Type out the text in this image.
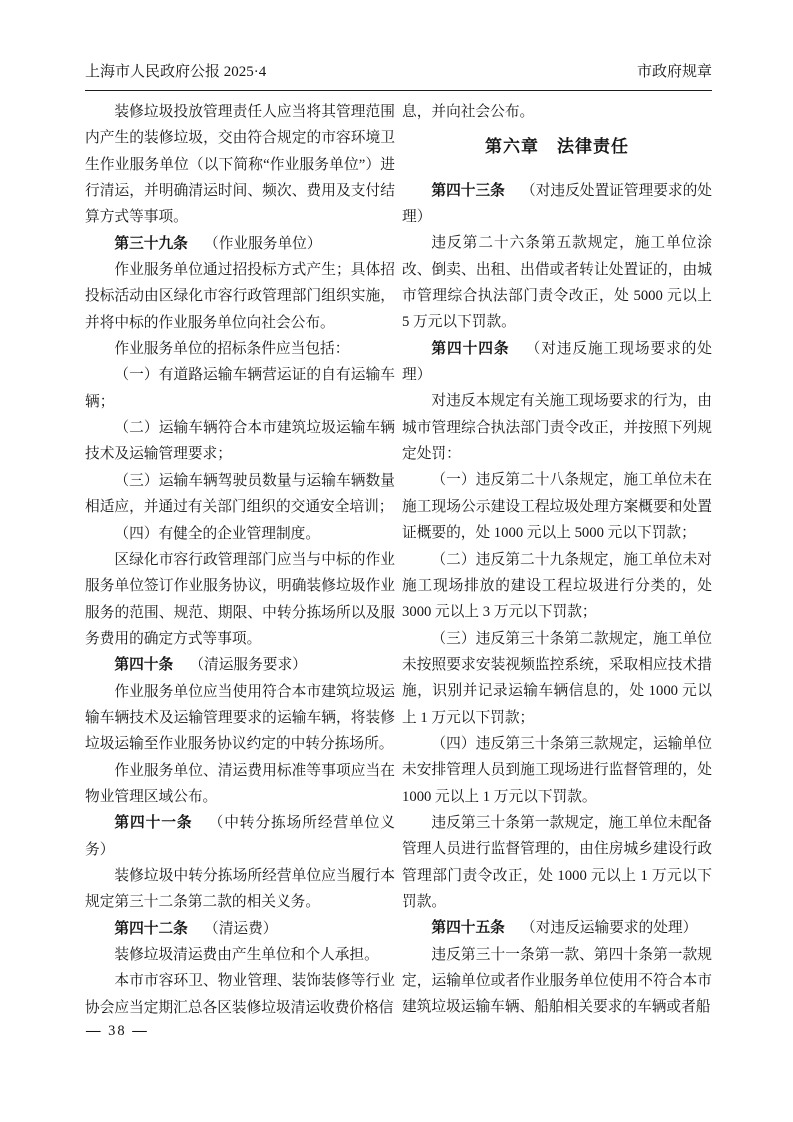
上海市人民政府公报 2025·4	市政府规章

装修垃圾投放管理责任人应当将其管理范围内产生的装修垃圾，交由符合规定的市容环境卫生作业服务单位（以下简称“作业服务单位”）进行清运，并明确清运时间、频次、费用及支付结算方式等事项。

第三十九条 （作业服务单位）

作业服务单位通过招投标方式产生；具体招投标活动由区绿化市容行政管理部门组织实施，并将中标的作业服务单位向社会公布。

作业服务单位的招标条件应当包括：

（一）有道路运输车辆营运证的自有运输车辆；

（二）运输车辆符合本市建筑垃圾运输车辆技术及运输管理要求；

（三）运输车辆驾驶员数量与运输车辆数量相适应，并通过有关部门组织的交通安全培训；

（四）有健全的企业管理制度。

区绿化市容行政管理部门应当与中标的作业服务单位签订作业服务协议，明确装修垃圾作业服务的范围、规范、期限、中转分拣场所以及服务费用的确定方式等事项。

第四十条 （清运服务要求）

作业服务单位应当使用符合本市建筑垃圾运输车辆技术及运输管理要求的运输车辆，将装修垃圾运输至作业服务协议约定的中转分拣场所。

作业服务单位、清运费用标准等事项应当在物业管理区域公布。

第四十一条 （中转分拣场所经营单位义务）

装修垃圾中转分拣场所经营单位应当履行本规定第三十二条第二款的相关义务。

第四十二条 （清运费）

装修垃圾清运费由产生单位和个人承担。

本市市容环卫、物业管理、装饰装修等行业协会应当定期汇总各区装修垃圾清运收费价格信

息，并向社会公布。

第六章　法律责任

第四十三条 （对违反处置证管理要求的处理）

违反第二十六条第五款规定，施工单位涂改、倒卖、出租、出借或者转让处置证的，由城市管理综合执法部门责令改正，处 5000 元以上 5 万元以下罚款。

第四十四条 （对违反施工现场要求的处理）

对违反本规定有关施工现场要求的行为，由城市管理综合执法部门责令改正，并按照下列规定处罚：

（一）违反第二十八条规定，施工单位未在施工现场公示建设工程垃圾处理方案概要和处置证概要的，处 1000 元以上 5000 元以下罚款；

（二）违反第二十九条规定，施工单位未对施工现场排放的建设工程垃圾进行分类的，处 3000 元以上 3 万元以下罚款；

（三）违反第三十条第二款规定，施工单位未按照要求安装视频监控系统，采取相应技术措施，识别并记录运输车辆信息的，处 1000 元以上 1 万元以下罚款；

（四）违反第三十条第三款规定，运输单位未安排管理人员到施工现场进行监督管理的，处 1000 元以上 1 万元以下罚款。

违反第三十条第一款规定，施工单位未配备管理人员进行监督管理的，由住房城乡建设行政管理部门责令改正，处 1000 元以上 1 万元以下罚款。

第四十五条 （对违反运输要求的处理）

违反第三十一条第一款、第四十条第一款规定，运输单位或者作业服务单位使用不符合本市建筑垃圾运输车辆、船舶相关要求的车辆或者船

— 38 —
